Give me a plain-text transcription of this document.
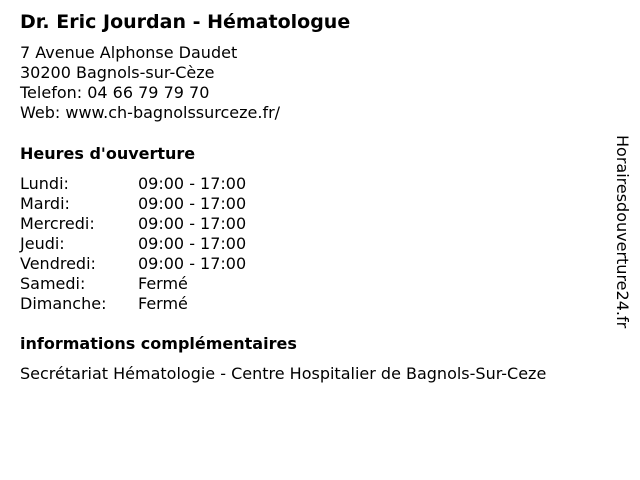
Dr. Eric Jourdan - Hématologue
7 Avenue Alphonse Daudet
30200 Bagnols-sur-Cèze
Telefon: 04 66 79 79 70
Web: www.ch-bagnolssurceze.fr/
Heures d'ouverture
Lundi:	09:00 - 17:00
Mardi:	09:00 - 17:00
Mercredi:	09:00 - 17:00
Jeudi:	09:00 - 17:00
Vendredi:	09:00 - 17:00
Samedi:	Fermé
Dimanche: Fermé
informations complémentaires
Secrétariat Hématologie - Centre Hospitalier de Bagnols-Sur-Ceze
Horairesdouverture24.fr
